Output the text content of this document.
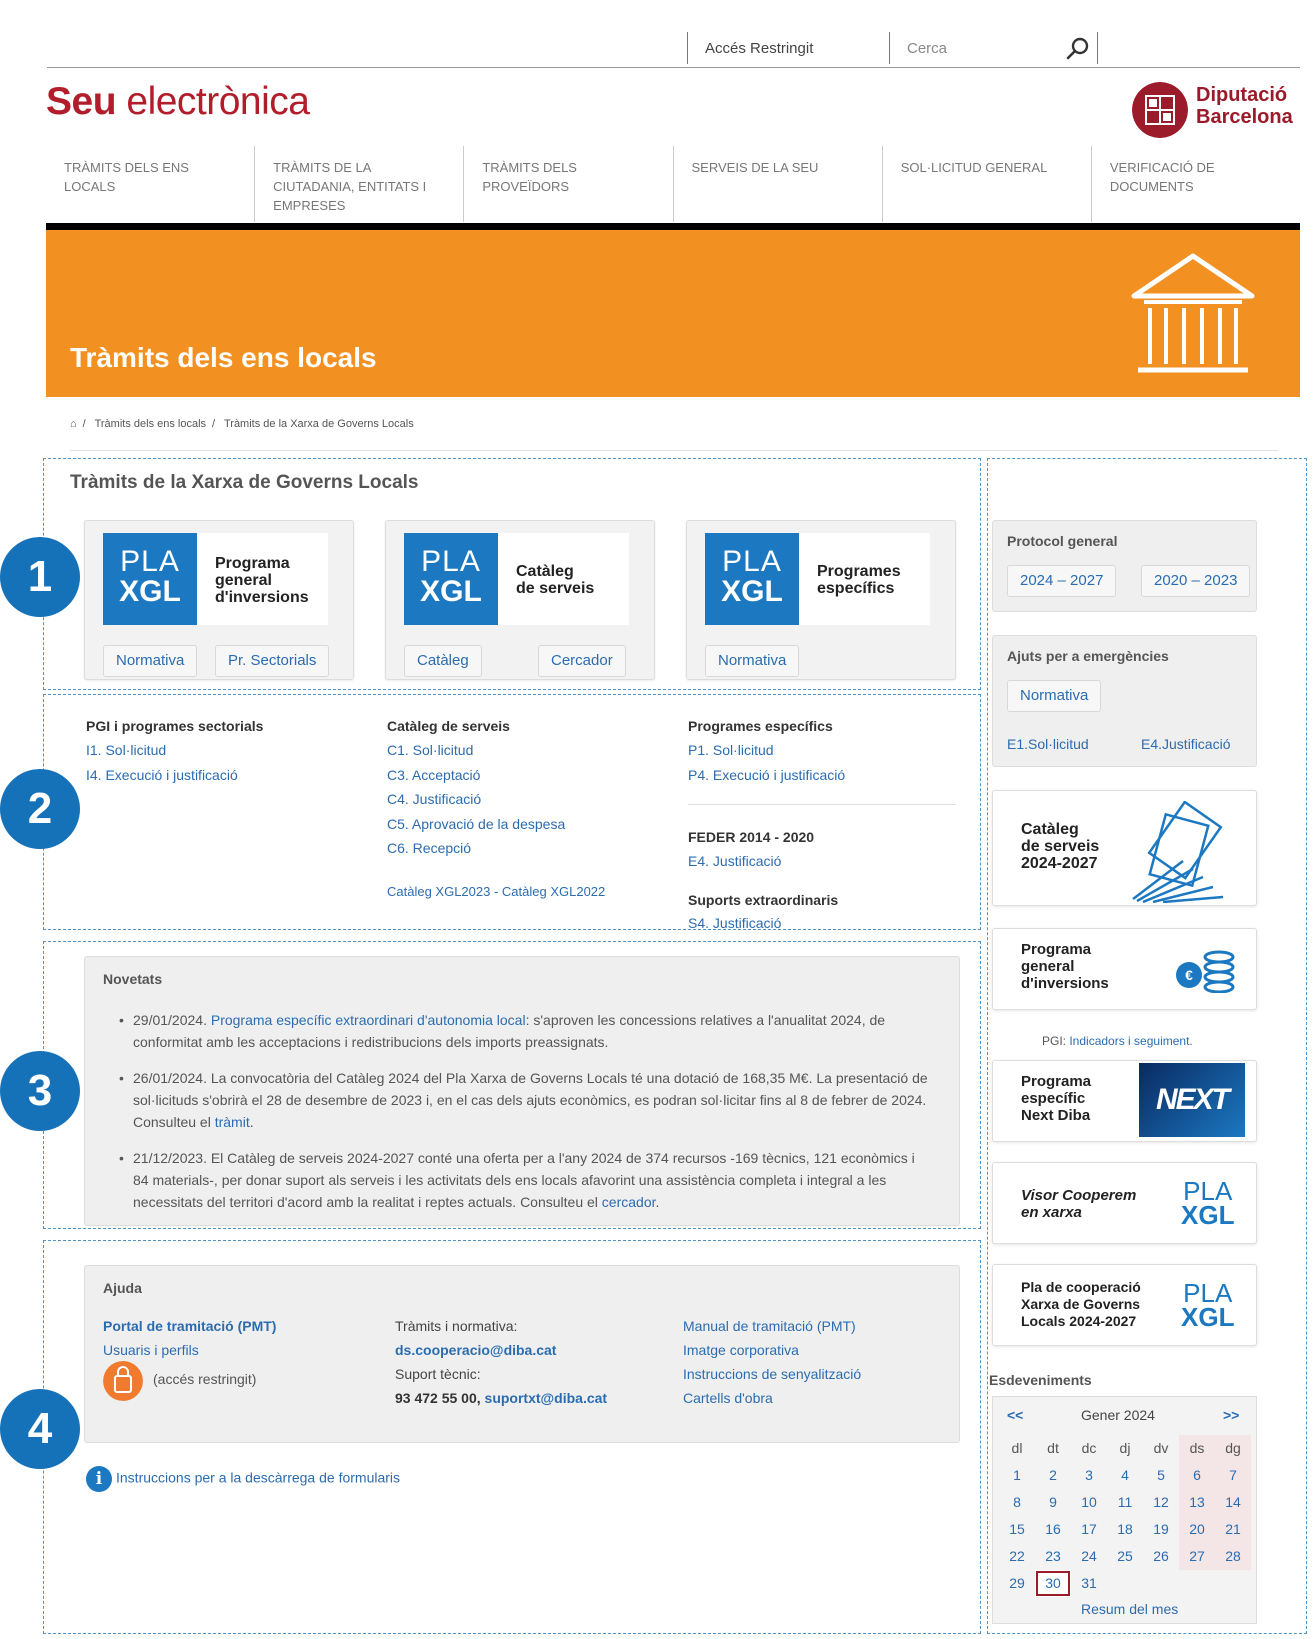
Accés Restringit	Cerca
Seu electrònica	Diputació
Barcelona
TRÀMITS DELS ENS LOCALS
TRÀMITS DE LA CIUTADANIA, ENTITATS I EMPRESES
TRÀMITS DELS PROVEÏDORS
SERVEIS DE LA SEU	SOL·LICITUD GENERAL	VERIFICACIÓ DE DOCUMENTS
Tràmits dels ens locals
⌂ / Tràmits dels ens locals / Tràmits de la Xarxa de Governs Locals
1
2
3
4
Tràmits de la Xarxa de Governs Locals
PLA
XGL
Programa
general
d'inversions
Normativa	Pr. Sectorials
PLA
XGL
Catàleg
de serveis
Catàleg	Cercador
PLA
XGL
Programes
específics
Normativa
PGI i programes sectorials
I1. Sol·licitud
I4. Execució i justificació
Catàleg de serveis
C1. Sol·licitud
C3. Acceptació
C4. Justificació
C5. Aprovació de la despesa
C6. Recepció
Catàleg XGL2023 - Catàleg XGL2022
Programes específics
P1. Sol·licitud
P4. Execució i justificació
FEDER 2014 - 2020
E4. Justificació
Suports extraordinaris
S4. Justificació
Novetats
• 29/01/2024. Programa específic extraordinari d'autonomia local: s'aproven les concessions relatives a l'anualitat 2024, de conformitat amb les acceptacions i redistribucions dels imports preassignats.
• 26/01/2024. La convocatòria del Catàleg 2024 del Pla Xarxa de Governs Locals té una dotació de 168,35 M€. La presentació de sol·licituds s'obrirà el 28 de desembre de 2023 i, en el cas dels ajuts econòmics, es podran sol·licitar fins al 8 de febrer de 2024. Consulteu el tràmit.
• 21/12/2023. El Catàleg de serveis 2024-2027 conté una oferta per a l'any 2024 de 374 recursos -169 tècnics, 121 econòmics i 84 materials-, per donar suport als serveis i les activitats dels ens locals afavorint una assistència completa i integral a les necessitats del territori d'acord amb la realitat i reptes actuals. Consulteu el cercador.
Ajuda
Portal de tramitació (PMT)
Usuaris i perfils
(accés restringit)
Tràmits i normativa:
ds.cooperacio@diba.cat
Suport tècnic:
93 472 55 00, suportxt@diba.cat
Manual de tramitació (PMT)
Imatge corporativa
Instruccions de senyalització
Cartells d'obra
i Instruccions per a la descàrrega de formularis
Protocol general
2024 – 2027	2020 – 2023
Ajuts per a emergències
Normativa
E1.Sol·licitud	E4.Justificació
Catàleg
de serveis
2024-2027
Programa
general
d'inversions	€
PGI: Indicadors i seguiment.
Programa
específic
Next Diba	NEXT
Visor Cooperem
en xarxa
PLA
XGL
Pla de cooperació
Xarxa de Governs
Locals 2024-2027
PLA
XGL
Esdeveniments
<<	Gener 2024	>>
dl	dt	dc	dj	dv	ds	dg
1	2	3	4	5	6	7
8	9	10	11	12	13	14
15	16	17	18	19	20	21
22	23	24	25	26	27	28
29	30	31
Resum del mes
